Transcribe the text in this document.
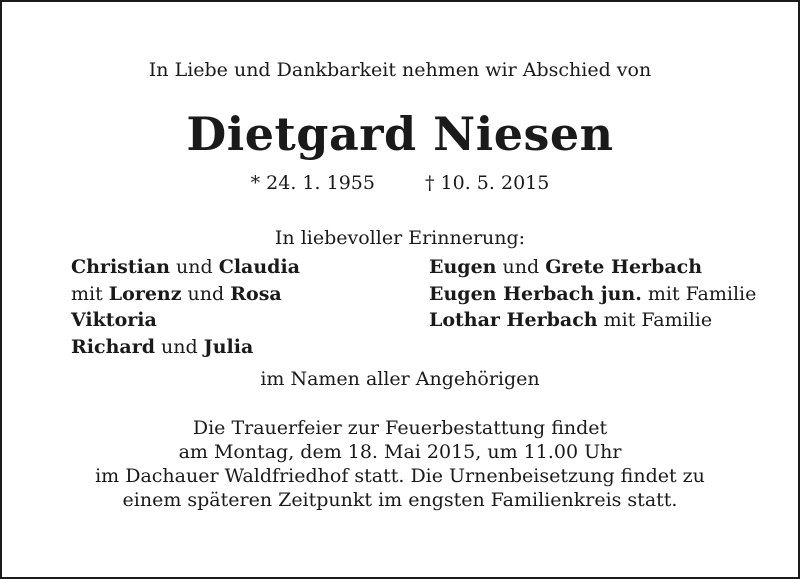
In Liebe und Dankbarkeit nehmen wir Abschied von
Dietgard Niesen
* 24. 1. 1955	† 10. 5. 2015
In liebevoller Erinnerung:
Christian und Claudia
mit Lorenz und Rosa
Viktoria
Richard und Julia
Eugen und Grete Herbach
Eugen Herbach jun. mit Familie
Lothar Herbach mit Familie
im Namen aller Angehörigen
Die Trauerfeier zur Feuerbestattung findet
am Montag, dem 18. Mai 2015, um 11.00 Uhr
im Dachauer Waldfriedhof statt. Die Urnenbeisetzung findet zu
einem späteren Zeitpunkt im engsten Familienkreis statt.
